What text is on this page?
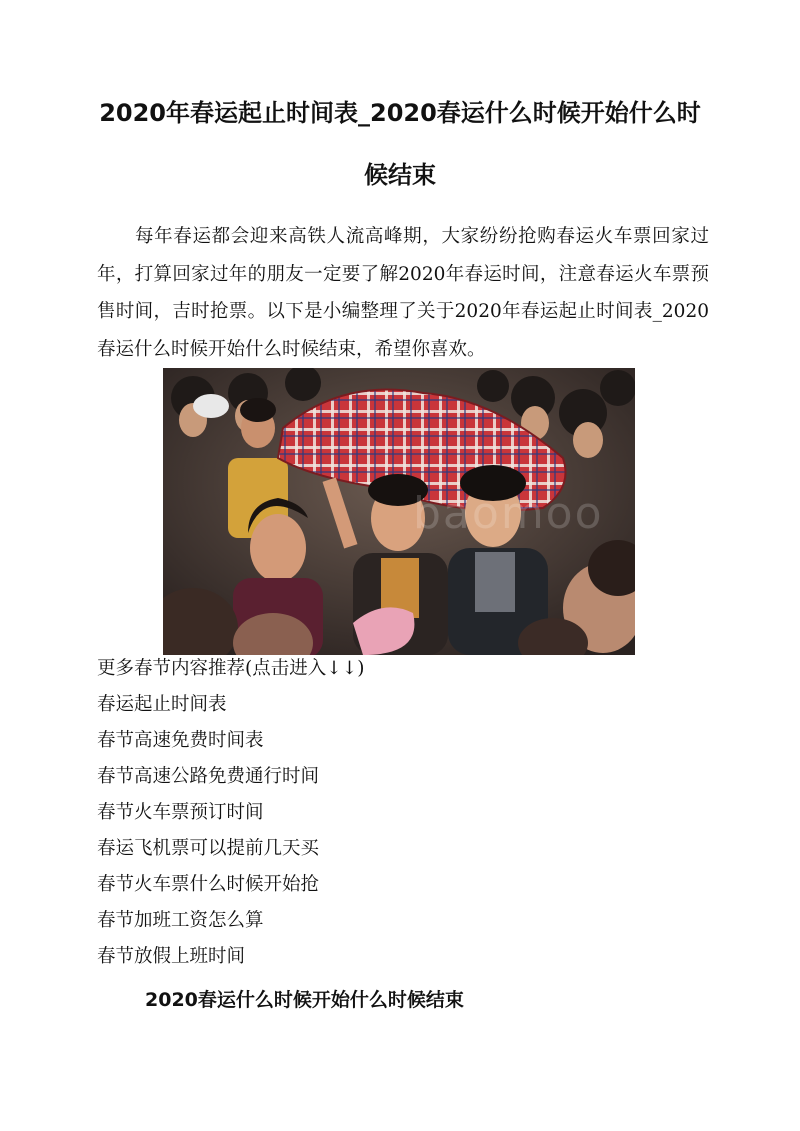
2020年春运起止时间表_2020春运什么时候开始什么时
候结束

每年春运都会迎来高铁人流高峰期，大家纷纷抢购春运火车票回家过年，打算回家过年的朋友一定要了解2020年春运时间，注意春运火车票预售时间，吉时抢票。以下是小编整理了关于2020年春运起止时间表_2020春运什么时候开始什么时候结束，希望你喜欢。

baomoo
更多春节内容推荐(点击进入↓↓)
春运起止时间表
春节高速免费时间表
春节高速公路免费通行时间
春节火车票预订时间
春运飞机票可以提前几天买
春节火车票什么时候开始抢
春节加班工资怎么算
春节放假上班时间
2020春运什么时候开始什么时候结束
